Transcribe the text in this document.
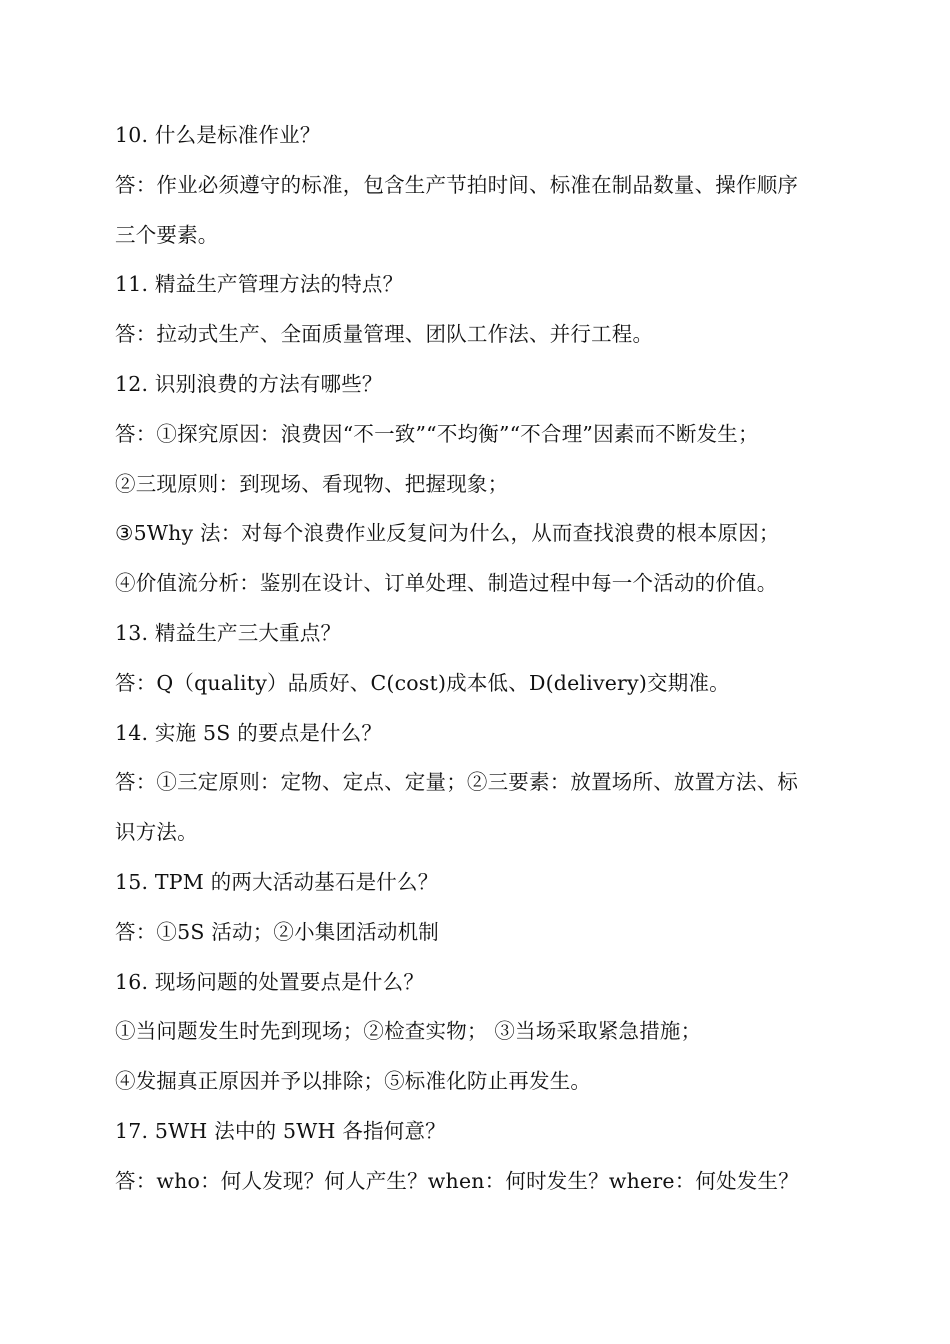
10. 什么是标准作业？
答：作业必须遵守的标准，包含生产节拍时间、标准在制品数量、操作顺序
三个要素。
11. 精益生产管理方法的特点？
答：拉动式生产、全面质量管理、团队工作法、并行工程。
12. 识别浪费的方法有哪些？
答：①探究原因：浪费因“不一致”“不均衡”“不合理”因素而不断发生；
②三现原则：到现场、看现物、把握现象；
③5Why 法：对每个浪费作业反复问为什么，从而查找浪费的根本原因；
④价值流分析：鉴别在设计、订单处理、制造过程中每一个活动的价值。
13. 精益生产三大重点？
答：Q（quality）品质好、C(cost)成本低、D(delivery)交期准。
14. 实施 5S 的要点是什么？
答：①三定原则：定物、定点、定量；②三要素：放置场所、放置方法、标
识方法。
15. TPM 的两大活动基石是什么？
答：①5S 活动；②小集团活动机制
16. 现场问题的处置要点是什么？
①当问题发生时先到现场；②检查实物； ③当场采取紧急措施；
④发掘真正原因并予以排除；⑤标准化防止再发生。
17. 5WH 法中的 5WH 各指何意？
答：who：何人发现？何人产生？when：何时发生？where：何处发生？
